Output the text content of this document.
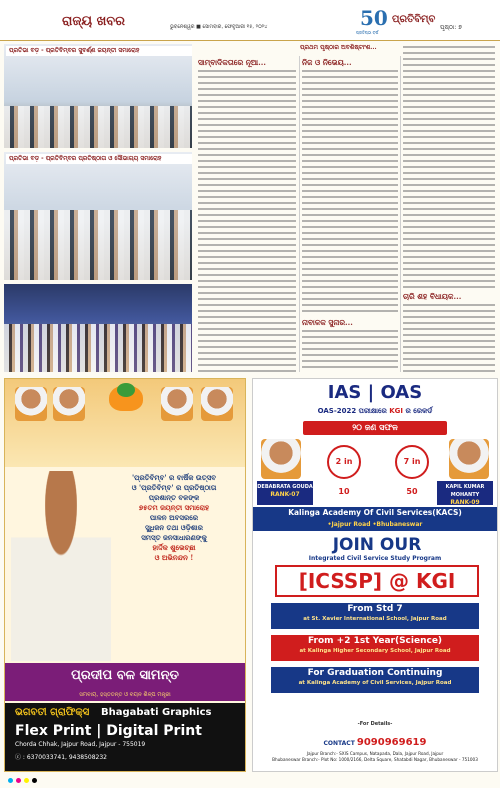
ରାଜ୍ୟ ଖବର	ଭୁବନେଶ୍ୱର ■ ସୋମବାର, ଫେବୃଆରୀ ୧୫, ୨୦୨୪	50
ପ୍ରତିଷ୍ଠା ବର୍ଷ
ପ୍ରତିବିମ୍ବ
ପୃଷ୍ଠା: ୭
ପ୍ରତିଭା ବଡ଼ - ପ୍ରତିବିମ୍ବର ସୁବର୍ଣ୍ଣ ଜୟନ୍ତୀ ସମାରୋହ
ପ୍ରତିଭା ବଡ଼ - ପ୍ରତିବିମ୍ବର ପ୍ରତିଷ୍ଠାତା ଓ ସୌଭାଗ୍ୟ ସମାରୋହ
ପ୍ରଥମ ପୃଷ୍ଠାର ଅବଶିଷ୍ଟାଂଶ...
ସାମ୍ବାଦିକତାରେ ନୂଆ...	ନିଜ ଓ ନିଭେୟ...
ନାବାଳକ ସୁନାର...
ଚାରି ଶହ ବିଧାୟକ...
'ପ୍ରତିବିମ୍ବ' ର ବାର୍ଷିକ ଉତ୍ସବ
ଓ 'ପ୍ରତିବିମ୍ବ' ର ପ୍ରତିଷ୍ଠାତା
ପ୍ରଶାନ୍ତ ବଳଙ୍କ
୭୫ତମ ଜୟନ୍ତୀ ସମାରୋହ
ପାଳନ ଅବସରରେ
ସୁଧିଜନ ତଥା ଓଡ଼ିଶାର
ସମସ୍ତ ଜନସାଧାରଣଙ୍କୁ
ହାର୍ଦ୍ଦିକ ଶୁଭେଚ୍ଛା
ଓ ଅଭିନନ୍ଦନ !
ପ୍ରଦୀପ ବଳ ସାମନ୍ତ
ସମବାୟ, ହସ୍ତତନ୍ତ ଓ ବୟନ ଶିଳ୍ପ ମନ୍ତ୍ରୀ
ଭଗବତୀ ଗ୍ରାଫିକ୍ସ Bhagabati Graphics
Flex Print | Digital Print
Chorda Chhak, Jajpur Road, Jajpur - 755019
ⓒ : 6370033741, 9438508232
IAS | OAS
OAS-2022 ପରୀକ୍ଷାରେ KGI ର ରେକର୍ଡ
୨୦ ଜଣ ସଫଳ
DEBABRATA GOUDA
RANK-07
2 in 10
7 in 50	KAPIL KUMAR MOHANTY
RANK-09
Kalinga Academy Of Civil Services(KACS)
•Jajpur Road •Bhubaneswar
JOIN OUR
Integrated Civil Service Study Program
[ICSSP] @ KGI
From Std 7
at St. Xavier International School, Jajpur Road
From +2 1st Year(Science)
at Kalinga Higher Secondary School, Jajpur Road
For Graduation Continuing
at Kalinga Academy of Civil Services, Jajpur Road
-For Details-
CONTACT 9090969619
Jajpur Branch:- SXIS Campus, Natapada, Dala, Jajpur Road, Jajpur
Bhubaneswar Branch:- Plot No: 1000/2166, Delta Square, Shatabdi Nagar, Bhubaneswar - 751003
